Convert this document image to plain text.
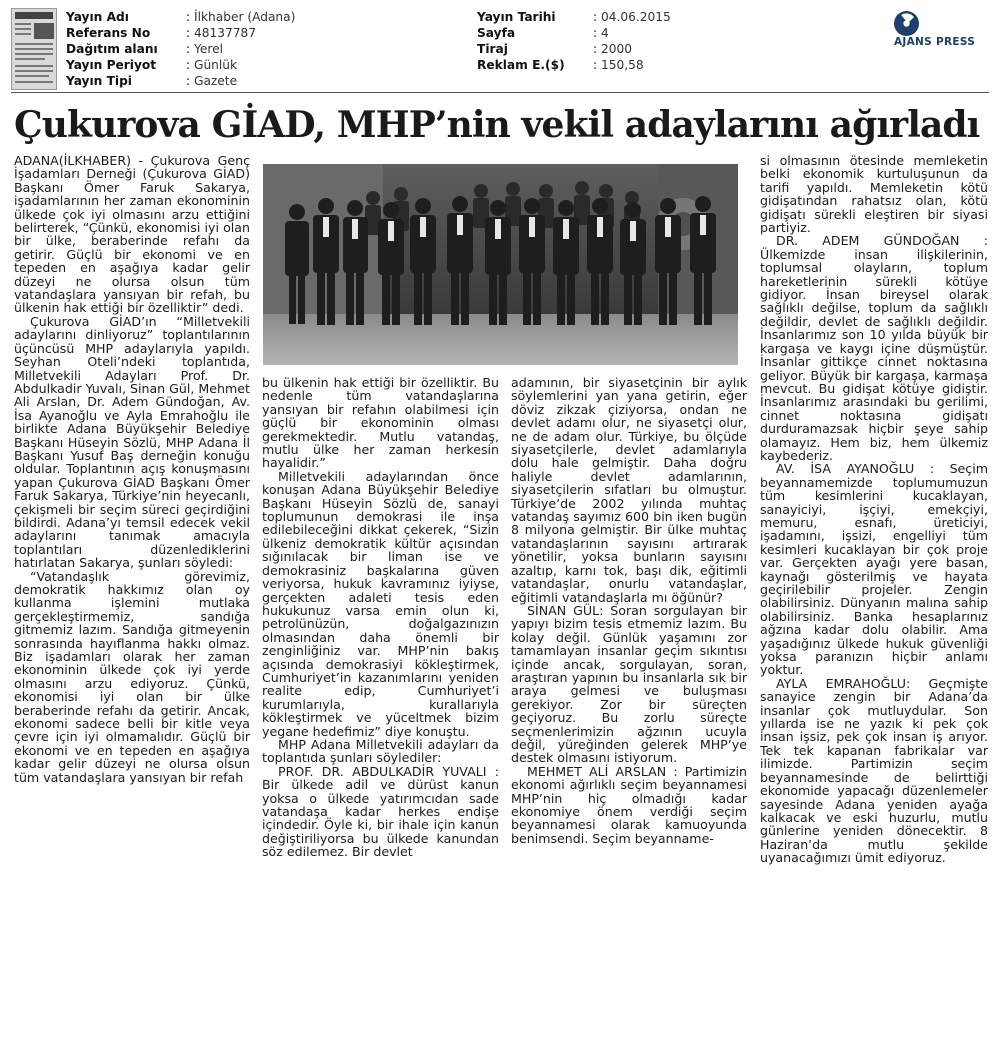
Yayın Adı	: İlkhaber (Adana)
Referans No	: 48137787
Dağıtım alanı	: Yerel
Yayın Periyot	: Günlük
Yayın Tipi	: Gazete
Yayın Tarihi	: 04.06.2015
Sayfa	: 4
Tiraj	: 2000
Reklam E.($)	: 150,58
AJANS PRESS
Çukurova GİAD, MHP’nin vekil adaylarını ağırladı

ADANA(İLKHABER) - Çukurova Genç İşadamları Derneği (Çukurova GİAD) Başkanı Ömer Faruk Sakarya, işadamlarının her zaman ekonominin ülkede çok iyi olmasını arzu ettiğini belirterek, “Çünkü, ekonomisi iyi olan bir ülke, beraberinde refahı da getirir. Güçlü bir ekonomi ve en tepeden en aşağıya kadar gelir düzeyi ne olursa olsun tüm vatandaşlara yansıyan bir refah, bu ülkenin hak ettiği bir özelliktir” dedi.

Çukurova GİAD’ın “Milletvekili adaylarını dinliyoruz” toplantılarının üçüncüsü MHP adaylarıyla yapıldı. Seyhan Oteli’ndeki toplantıda, Milletvekili Adayları Prof. Dr. Abdulkadir Yuvalı, Sinan Gül, Mehmet Ali Arslan, Dr. Adem Gündoğan, Av. İsa Ayanoğlu ve Ayla Emrahoğlu ile birlikte Adana Büyükşehir Belediye Başkanı Hüseyin Sözlü, MHP Adana İl Başkanı Yusuf Baş derneğin konuğu oldular. Toplantının açış konuşmasını yapan Çukurova GİAD Başkanı Ömer Faruk Sakarya, Türkiye’nin heyecanlı, çekişmeli bir seçim süreci geçirdiğini bildirdi. Adana’yı temsil edecek vekil adaylarını tanımak amacıyla toplantıları düzenlediklerini hatırlatan Sakarya, şunları söyledi:

“Vatandaşlık görevimiz, demokratik hakkımız olan oy kullanma işlemini mutlaka gerçekleştirmemiz, sandığa gitmemiz lazım. Sandığa gitmeyenin sonrasında hayıflanma hakkı olmaz. Biz işadamları olarak her zaman ekonominin ülkede çok iyi yerde olmasını arzu ediyoruz. Çünkü, ekonomisi iyi olan bir ülke beraberinde refahı da getirir. Ancak, ekonomi sadece belli bir kitle veya çevre için iyi olmamalıdır. Güçlü bir ekonomi ve en tepeden en aşağıya kadar gelir düzeyi ne olursa olsun tüm vatandaşlara yansıyan bir refah

bu ülkenin hak ettiği bir özelliktir. Bu nedenle tüm vatandaşlarına yansıyan bir refahın olabilmesi için güçlü bir ekonominin olması gerekmektedir. Mutlu vatandaş, mutlu ülke her zaman herkesin hayalidir.”

Milletvekili adaylarından önce konuşan Adana Büyükşehir Belediye Başkanı Hüseyin Sözlü de, sanayi toplumunun demokrasi ile inşa edilebileceğini dikkat çekerek, “Sizin ülkeniz demokratik kültür açısından sığınılacak bir liman ise ve demokrasiniz başkalarına güven veriyorsa, hukuk kavramınız iyiyse, gerçekten adaleti tesis eden hukukunuz varsa emin olun ki, petrolünüzün, doğalgazınızın olmasından daha önemli bir zenginliğiniz var. MHP’nin bakış açısında demokrasiyi kökleştirmek, Cumhuriyet’in kazanımlarını yeniden realite edip, Cumhuriyet’i kurumlarıyla, kurallarıyla kökleştirmek ve yüceltmek bizim yegane hedefimiz” diye konuştu.

MHP Adana Milletvekili adayları da toplantıda şunları söylediler:

PROF. DR. ABDULKADİR YUVALI : Bir ülkede adil ve dürüst kanun yoksa o ülkede yatırımcıdan sade vatandaşa kadar herkes endişe içindedir. Öyle ki, bir ihale için kanun değiştiriliyorsa bu ülkede kanundan söz edilemez. Bir devlet

adamının, bir siyasetçinin bir aylık söylemlerini yan yana getirin, eğer döviz zikzak çiziyorsa, ondan ne devlet adamı olur, ne siyasetçi olur, ne de adam olur. Türkiye, bu ölçüde siyasetçilerle, devlet adamlarıyla dolu hale gelmiştir. Daha doğru haliyle devlet adamlarının, siyasetçilerin sıfatları bu olmuştur. Türkiye’de 2002 yılında muhtaç vatandaş sayımız 600 bin iken bugün 8 milyona gelmiştir. Bir ülke muhtaç vatandaşlarının sayısını artırarak yönetilir, yoksa bunların sayısını azaltıp, karnı tok, başı dik, eğitimli vatandaşlar, onurlu vatandaşlar, eğitimli vatandaşlarla mı öğünür?

SİNAN GÜL: Soran sorgulayan bir yapıyı bizim tesis etmemiz lazım. Bu kolay değil. Günlük yaşamını zor tamamlayan insanlar geçim sıkıntısı içinde ancak, sorgulayan, soran, araştıran yapının bu insanlarla sık bir araya gelmesi ve buluşması gerekiyor. Zor bir süreçten geçiyoruz. Bu zorlu süreçte seçmenlerimizin ağzının ucuyla değil, yüreğinden gelerek MHP’ye destek olmasını istiyorum.

MEHMET ALİ ARSLAN : Partimizin ekonomi ağırlıklı seçim beyannamesi MHP’nin hiç olmadığı kadar ekonomiye önem verdiği seçim beyannamesi olarak kamuoyunda benimsendi. Seçim beyanname-

si olmasının ötesinde memleketin belki ekonomik kurtuluşunun da tarifi yapıldı. Memleketin kötü gidişatından rahatsız olan, kötü gidişatı sürekli eleştiren bir siyasi partiyiz.

DR. ADEM GÜNDOĞAN : Ülkemizde insan ilişkilerinin, toplumsal olayların, toplum hareketlerinin sürekli kötüye gidiyor. İnsan bireysel olarak sağlıklı değilse, toplum da sağlıklı değildir, devlet de sağlıklı değildir. İnsanlarımız son 10 yılda büyük bir kargaşa ve kaygı içine düşmüştür. İnsanlar gittikçe cinnet noktasına geliyor. Büyük bir kargaşa, karmaşa mevcut. Bu gidişat kötüye gidiştir. İnsanlarımız arasındaki bu gerilimi, cinnet noktasına gidişatı durduramazsak hiçbir şeye sahip olamayız. Hem biz, hem ülkemiz kaybederiz.

AV. İSA AYANOĞLU : Seçim beyannamemizde toplumumuzun tüm kesimlerini kucaklayan, sanayiciyi, işçiyi, emekçiyi, memuru, esnafı, üreticiyi, işadamını, işsizi, engelliyi tüm kesimleri kucaklayan bir çok proje var. Gerçekten ayağı yere basan, kaynağı gösterilmiş ve hayata geçirilebilir projeler. Zengin olabilirsiniz. Dünyanın malına sahip olabilirsiniz. Banka hesaplarınız ağzına kadar dolu olabilir. Ama yaşadığınız ülkede hukuk güvenliği yoksa paranızın hiçbir anlamı yoktur.

AYLA EMRAHOĞLU: Geçmişte sanayice zengin bir Adana’da insanlar çok mutluydular. Son yıllarda ise ne yazık ki pek çok insan işsiz, pek çok insan iş arıyor. Tek tek kapanan fabrikalar var ilimizde. Partimizin seçim beyannamesinde de belirttiği ekonomide yapacağı düzenlemeler sayesinde Adana yeniden ayağa kalkacak ve eski huzurlu, mutlu günlerine yeniden dönecektir. 8 Haziran’da mutlu şekilde uyanacağımızı ümit ediyoruz.
